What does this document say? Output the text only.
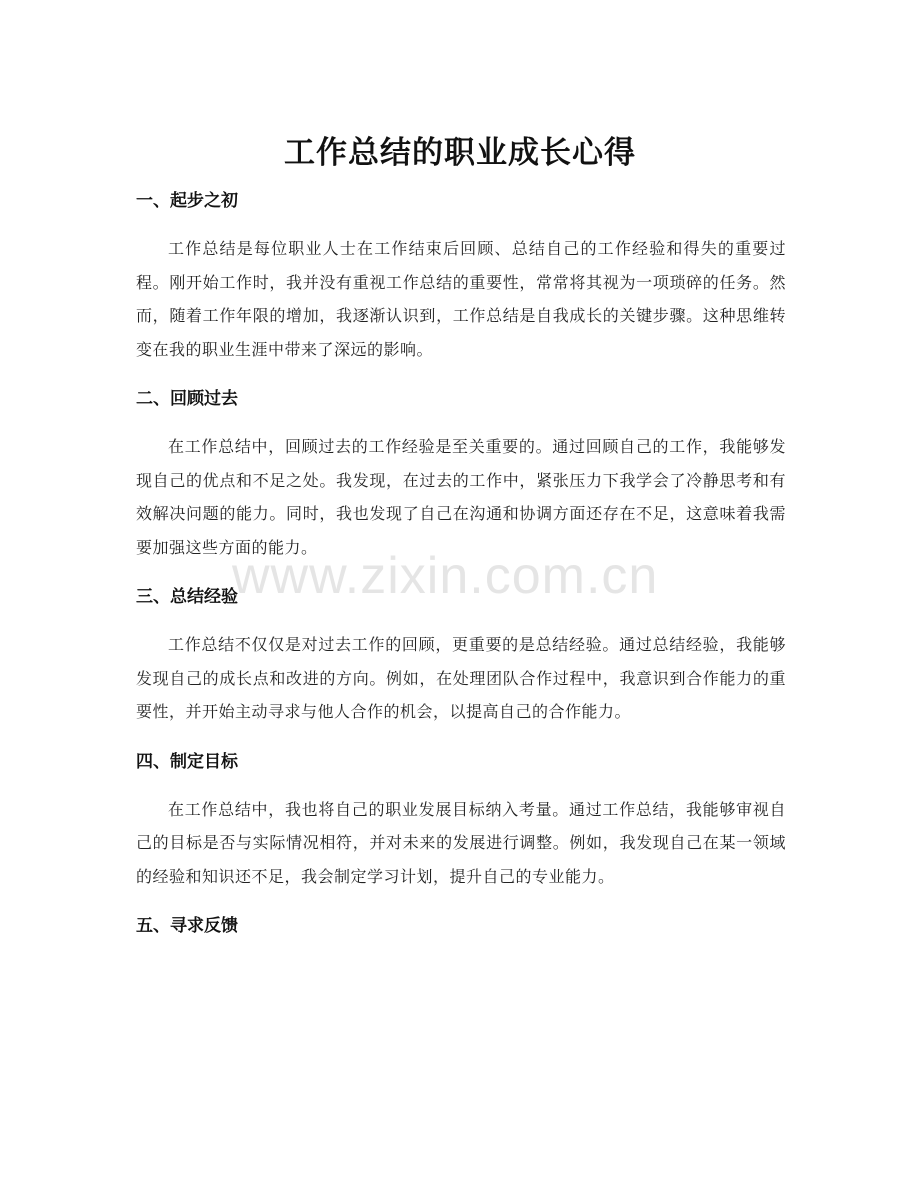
工作总结的职业成长心得
一、起步之初

工作总结是每位职业人士在工作结束后回顾、总结自己的工作经验和得失的重要过程。刚开始工作时，我并没有重视工作总结的重要性，常常将其视为一项琐碎的任务。然而，随着工作年限的增加，我逐渐认识到，工作总结是自我成长的关键步骤。这种思维转变在我的职业生涯中带来了深远的影响。

二、回顾过去

在工作总结中，回顾过去的工作经验是至关重要的。通过回顾自己的工作，我能够发现自己的优点和不足之处。我发现，在过去的工作中，紧张压力下我学会了冷静思考和有效解决问题的能力。同时，我也发现了自己在沟通和协调方面还存在不足，这意味着我需要加强这些方面的能力。

三、总结经验

工作总结不仅仅是对过去工作的回顾，更重要的是总结经验。通过总结经验，我能够发现自己的成长点和改进的方向。例如，在处理团队合作过程中，我意识到合作能力的重要性，并开始主动寻求与他人合作的机会，以提高自己的合作能力。

四、制定目标

在工作总结中，我也将自己的职业发展目标纳入考量。通过工作总结，我能够审视自己的目标是否与实际情况相符，并对未来的发展进行调整。例如，我发现自己在某一领域的经验和知识还不足，我会制定学习计划，提升自己的专业能力。

五、寻求反馈
www.zixin.com.cn
